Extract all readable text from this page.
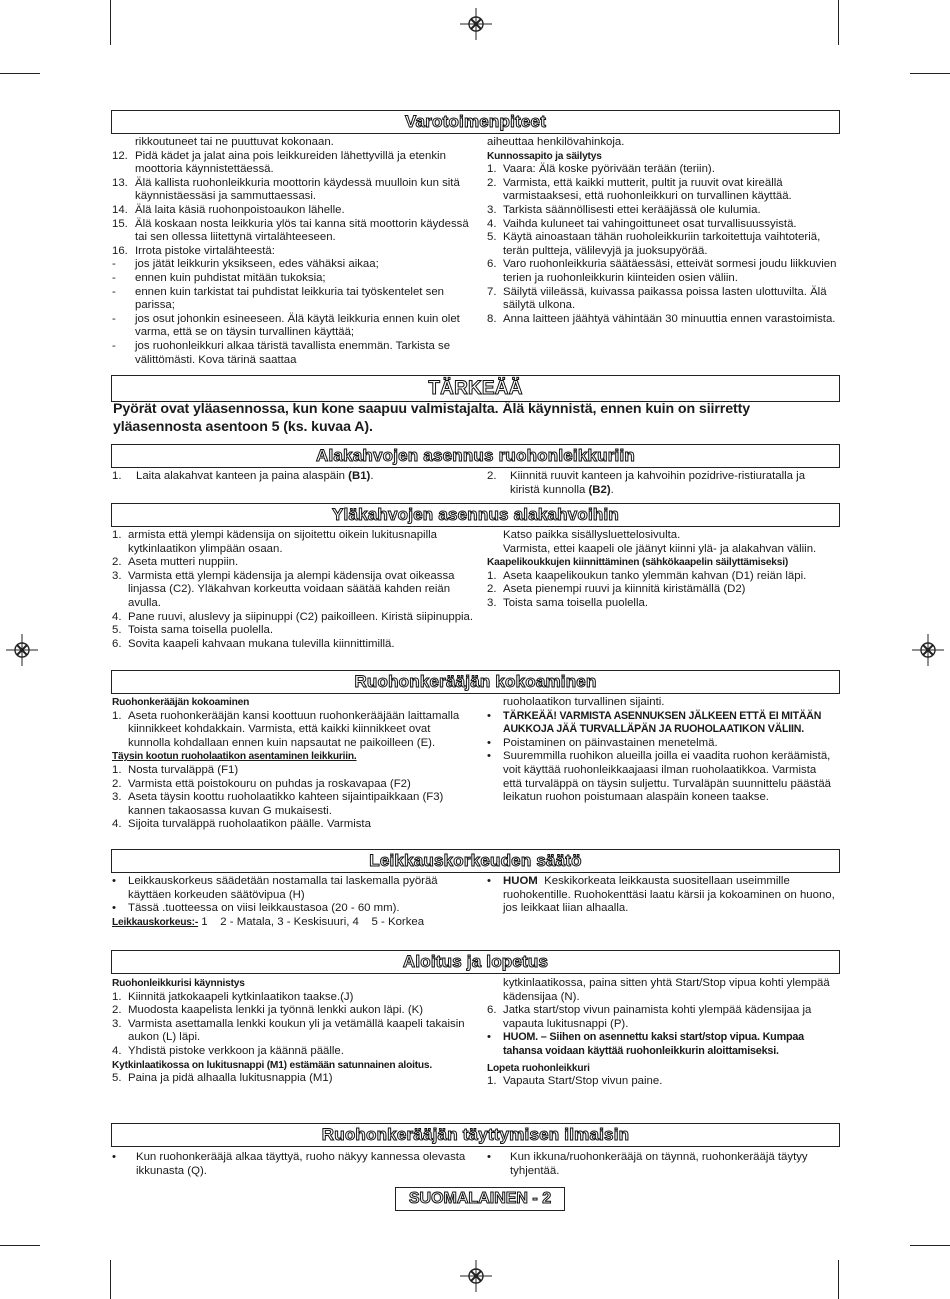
Varotoimenpiteet
rikkoutuneet tai ne puuttuvat kokonaan.
12. Pidä kädet ja jalat aina pois leikkureiden lähettyvillä ja etenkin moottoria käynnistettäessä.
13. Älä kallista ruohonleikkuria moottorin käydessä muulloin kun sitä käynnistäessäsi ja sammuttaessasi.
14. Älä laita käsiä ruohonpoistoaukon lähelle.
15. Älä koskaan nosta leikkuria ylös tai kanna sitä moottorin käydessä tai sen ollessa liitettynä virtalähteeseen.
16. Irrota pistoke virtalähteestä:
-	jos jätät leikkurin yksikseen, edes vähäksi aikaa;
-	ennen kuin puhdistat mitään tukoksia;
-	ennen kuin tarkistat tai puhdistat leikkuria tai työskentelet sen parissa;
-	jos osut johonkin esineeseen. Älä käytä leikkuria ennen kuin olet varma, että se on täysin turvallinen käyttää;
-	jos ruohonleikkuri alkaa täristä tavallista enemmän. Tarkista se välittömästi. Kova tärinä saattaa

aiheuttaa henkilövahinkoja.

Kunnossapito ja säilytys

1. Vaara: Älä koske pyörivään terään (teriin).
2. Varmista, että kaikki mutterit, pultit ja ruuvit ovat kireällä varmistaaksesi, että ruohonleikkuri on turvallinen käyttää.
3. Tarkista säännöllisesti ettei kerääjässä ole kulumia.
4. Vaihda kuluneet tai vahingoittuneet osat turvallisuussyistä.
5. Käytä ainoastaan tähän ruoholeikkuriin tarkoitettuja vaihtoteriä, terän pultteja, välilevyjä ja juoksupyörää.
6. Varo ruohonleikkuria säätäessäsi, etteivät sormesi joudu liikkuvien terien ja ruohonleikkurin kiinteiden osien väliin.
7. Säilytä viileässä, kuivassa paikassa poissa lasten ulottuvilta. Älä säilytä ulkona.
8. Anna laitteen jäähtyä vähintään 30 minuuttia ennen varastoimista.
TÄRKEÄÄ
Pyörät ovat yläasennossa, kun kone saapuu valmistajalta. Älä käynnistä, ennen kuin on siirretty yläasennosta asentoon 5 (ks. kuvaa A).
Alakahvojen asennus ruohonleikkuriin
1.	Laita alakahvat kanteen ja paina alaspäin (B1).	2.	Kiinnitä ruuvit kanteen ja kahvoihin pozidrive-ristiuratalla ja kiristä kunnolla (B2).
Yläkahvojen asennus alakahvoihin
1. armista että ylempi kädensija on sijoitettu oikein lukitusnapilla kytkinlaatikon ylimpään osaan.
2. Aseta mutteri nuppiin.
3. Varmista että ylempi kädensija ja alempi kädensija ovat oikeassa linjassa (C2). Yläkahvan korkeutta voidaan säätää kahden reiän avulla.
4. Pane ruuvi, aluslevy ja siipinuppi (C2) paikoilleen. Kiristä siipinuppia.
5. Toista sama toisella puolella.
6. Sovita kaapeli kahvaan mukana tulevilla kiinnittimillä.

Katso paikka sisällysluettelosivulta.

Varmista, ettei kaapeli ole jäänyt kiinni ylä- ja alakahvan väliin.

Kaapelikoukkujen kiinnittäminen (sähkökaapelin säilyttämiseksi)

1. Aseta kaapelikoukun tanko ylemmän kahvan (D1) reiän läpi.
2. Aseta pienempi ruuvi ja kiinnitä kiristämällä (D2)
3. Toista sama toisella puolella.
Ruohonkerääjän kokoaminen

Ruohonkerääjän kokoaminen

1. Aseta ruohonkerääjän kansi koottuun ruohonkerääjään laittamalla kiinnikkeet kohdakkain. Varmista, että kaikki kiinnikkeet ovat kunnolla kohdallaan ennen kuin napsautat ne paikoilleen (E).

Täysin kootun ruoholaatikon asentaminen leikkuriin.

1. Nosta turvaläppä (F1)
2. Varmista että poistokouru on puhdas ja roskavapaa (F2)
3. Aseta täysin koottu ruoholaatikko kahteen sijaintipaikkaan (F3) kannen takaosassa kuvan G mukaisesti.
4. Sijoita turvaläppä ruoholaatikon päälle. Varmista

ruoholaatikon turvallinen sijainti.

•	TÄRKEÄÄ! VARMISTA ASENNUKSEN JÄLKEEN ETTÄ EI MITÄÄN AUKKOJA JÄÄ TURVALLÄPÄN JA RUOHOLAATIKON VÄLIIN.
•	Poistaminen on päinvastainen menetelmä.
•	Suuremmilla ruohikon alueilla joilla ei vaadita ruohon keräämistä, voit käyttää ruohonleikkaajaasi ilman ruoholaatikkoa. Varmista että turvaläppä on täysin suljettu. Turvaläpän suunnittelu päästää leikatun ruohon poistumaan alaspäin koneen taakse.
Leikkauskorkeuden säätö
•	Leikkauskorkeus säädetään nostamalla tai laskemalla pyörää käyttäen korkeuden säätövipua (H)
•	Tässä .tuotteessa on viisi leikkaustasoa (20 - 60 mm).

Leikkauskorkeus:- 1    2 - Matala, 3 - Keskisuuri, 4    5 - Korkea

•	HUOM Keskikorkeata leikkausta suositellaan useimmille ruohokentille. Ruohokenttäsi laatu kärsii ja kokoaminen on huono, jos leikkaat liian alhaalla.
Aloitus ja lopetus

Ruohonleikkurisi käynnistys

1. Kiinnitä jatkokaapeli kytkinlaatikon taakse.(J)
2. Muodosta kaapelista lenkki ja työnnä lenkki aukon läpi. (K)
3. Varmista asettamalla lenkki koukun yli ja vetämällä kaapeli takaisin aukon (L) läpi.
4. Yhdistä pistoke verkkoon ja käännä päälle.

Kytkinlaatikossa on lukitusnappi (M1) estämään satunnainen aloitus.

5. Paina ja pidä alhaalla lukitusnappia (M1)
kytkinlaatikossa, paina sitten yhtä Start/Stop vipua kohti ylempää kädensijaa (N).
6. Jatka start/stop vivun painamista kohti ylempää kädensijaa ja vapauta lukitusnappi (P).
•	HUOM. – Siihen on asennettu kaksi start/stop vipua. Kumpaa tahansa voidaan käyttää ruohonleikkurin aloittamiseksi.

Lopeta ruohonleikkuri

1. Vapauta Start/Stop vivun paine.
Ruohonkerääjän täyttymisen ilmaisin
•	Kun ruohonkerääjä alkaa täyttyä, ruoho näkyy kannessa olevasta ikkunasta (Q).
•	Kun ikkuna/ruohonkerääjä on täynnä, ruohonkerääjä täytyy tyhjentää.
SUOMALAINEN - 2
